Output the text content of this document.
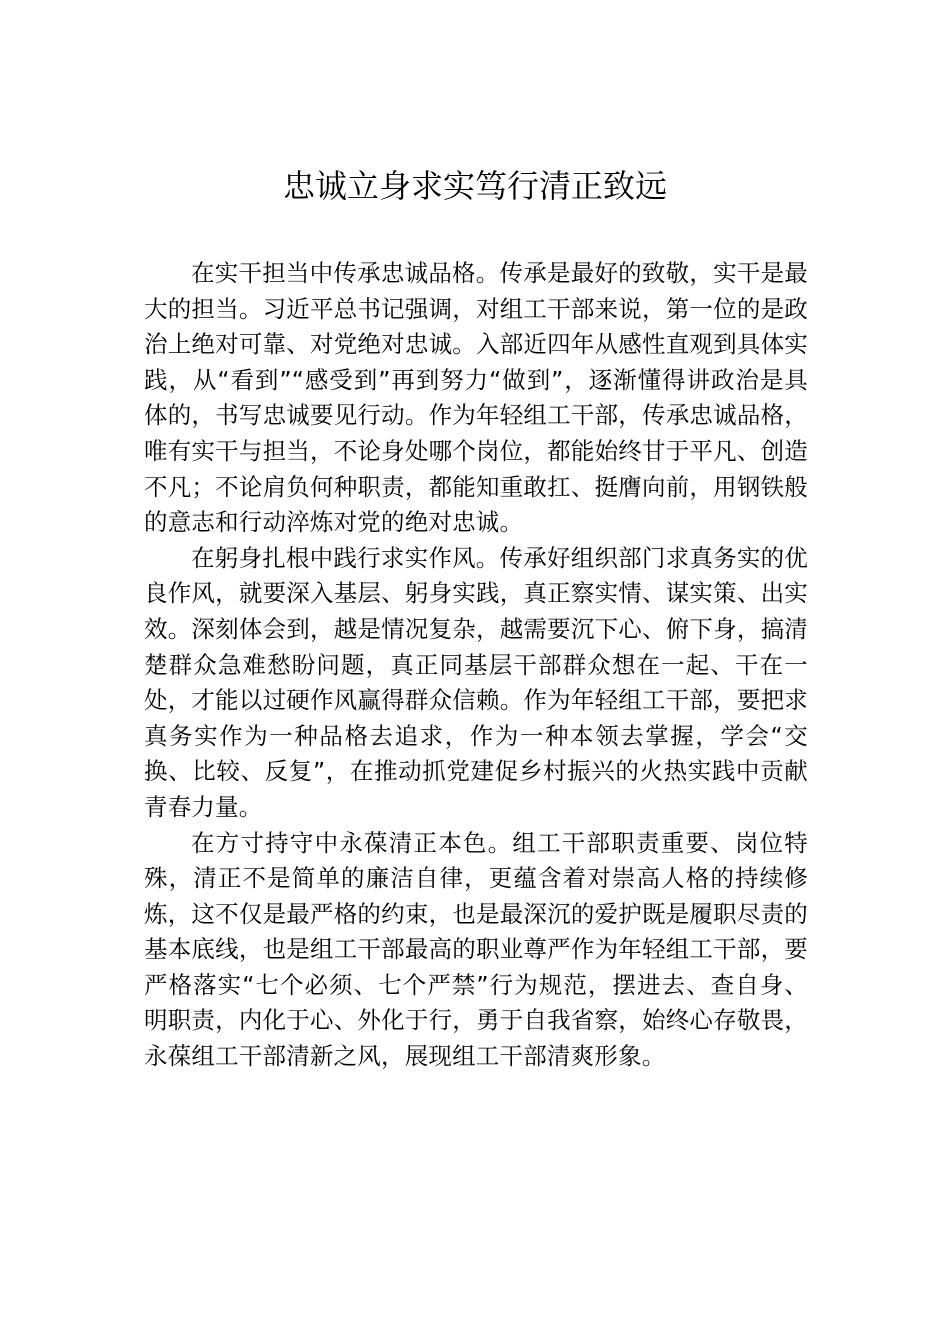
忠诚立身求实笃行清正致远

在实干担当中传承忠诚品格。传承是最好的致敬，实干是最大的担当。习近平总书记强调，对组工干部来说，第一位的是政治上绝对可靠、对党绝对忠诚。入部近四年从感性直观到具体实践，从“看到”“感受到”再到努力“做到”，逐渐懂得讲政治是具体的，书写忠诚要见行动。作为年轻组工干部，传承忠诚品格，唯有实干与担当，不论身处哪个岗位，都能始终甘于平凡、创造不凡；不论肩负何种职责，都能知重敢扛、挺膺向前，用钢铁般的意志和行动淬炼对党的绝对忠诚。

在躬身扎根中践行求实作风。传承好组织部门求真务实的优良作风，就要深入基层、躬身实践，真正察实情、谋实策、出实效。深刻体会到，越是情况复杂，越需要沉下心、俯下身，搞清楚群众急难愁盼问题，真正同基层干部群众想在一起、干在一处，才能以过硬作风赢得群众信赖。作为年轻组工干部，要把求真务实作为一种品格去追求，作为一种本领去掌握，学会“交换、比较、反复”，在推动抓党建促乡村振兴的火热实践中贡献青春力量。

在方寸持守中永葆清正本色。组工干部职责重要、岗位特殊，清正不是简单的廉洁自律，更蕴含着对崇高人格的持续修炼，这不仅是最严格的约束，也是最深沉的爱护既是履职尽责的基本底线，也是组工干部最高的职业尊严作为年轻组工干部，要严格落实“七个必须、七个严禁”行为规范，摆进去、查自身、明职责，内化于心、外化于行，勇于自我省察，始终心存敬畏，永葆组工干部清新之风，展现组工干部清爽形象。
